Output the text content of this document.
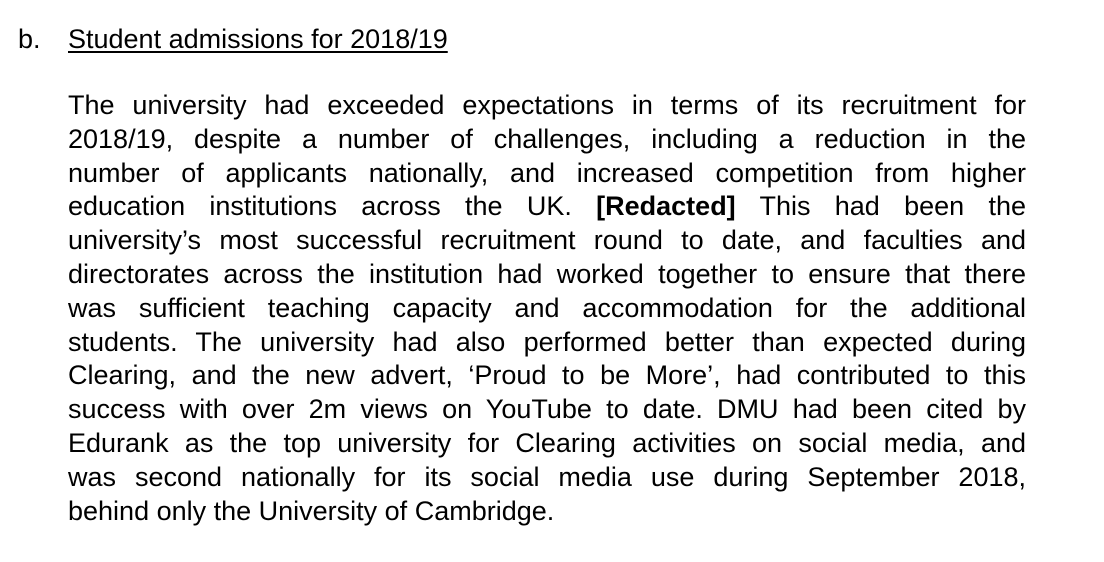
b. Student admissions for 2018/19
The university had exceeded expectations in terms of its recruitment for
2018/19, despite a number of challenges, including a reduction in the
number of applicants nationally, and increased competition from higher
education institutions across the UK. [Redacted] This had been the
university’s most successful recruitment round to date, and faculties and
directorates across the institution had worked together to ensure that there
was sufficient teaching capacity and accommodation for the additional
students. The university had also performed better than expected during
Clearing, and the new advert, ‘Proud to be More’, had contributed to this
success with over 2m views on YouTube to date. DMU had been cited by
Edurank as the top university for Clearing activities on social media, and
was second nationally for its social media use during September 2018,
behind only the University of Cambridge.
